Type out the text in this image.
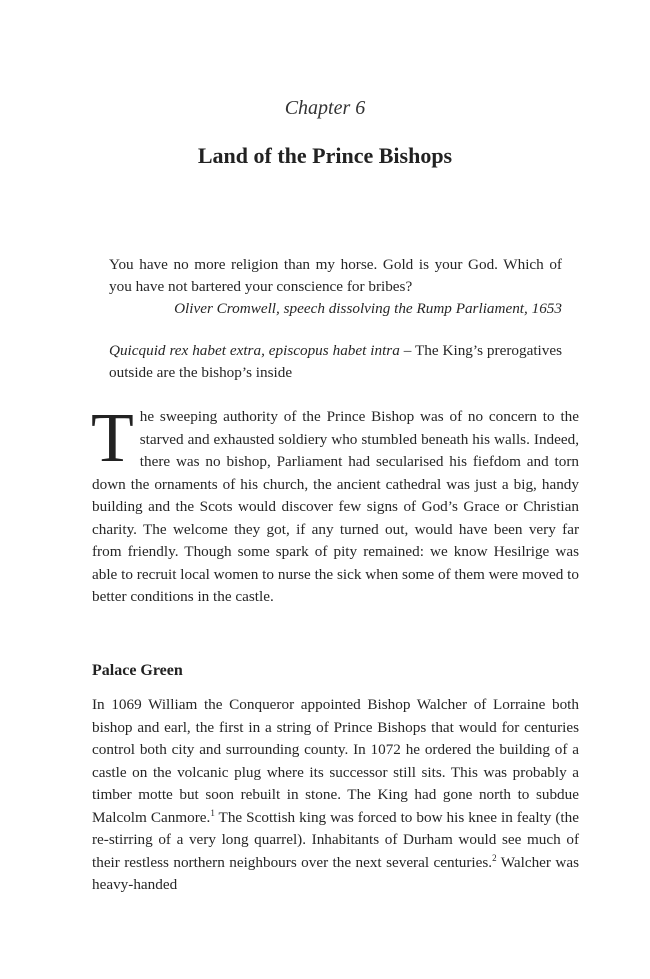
Chapter 6
Land of the Prince Bishops
You have no more religion than my horse. Gold is your God. Which of you have not bartered your conscience for bribes?
Oliver Cromwell, speech dissolving the Rump Parliament, 1653
Quicquid rex habet extra, episcopus habet intra – The King’s prerogatives outside are the bishop’s inside
The sweeping authority of the Prince Bishop was of no concern to the starved and exhausted soldiery who stumbled beneath his walls. Indeed, there was no bishop, Parliament had secularised his fiefdom and torn down the ornaments of his church, the ancient cathedral was just a big, handy building and the Scots would discover few signs of God’s Grace or Christian charity. The welcome they got, if any turned out, would have been very far from friendly. Though some spark of pity remained: we know Hesilrige was able to recruit local women to nurse the sick when some of them were moved to better conditions in the castle.
Palace Green
In 1069 William the Conqueror appointed Bishop Walcher of Lorraine both bishop and earl, the first in a string of Prince Bishops that would for centuries control both city and surrounding county. In 1072 he ordered the building of a castle on the volcanic plug where its successor still sits. This was probably a timber motte but soon rebuilt in stone. The King had gone north to subdue Malcolm Canmore.$^1$ The Scottish king was forced to bow his knee in fealty (the re-stirring of a very long quarrel). Inhabitants of Durham would see much of their restless northern neighbours over the next several centuries.$^2$ Walcher was heavy-handed
